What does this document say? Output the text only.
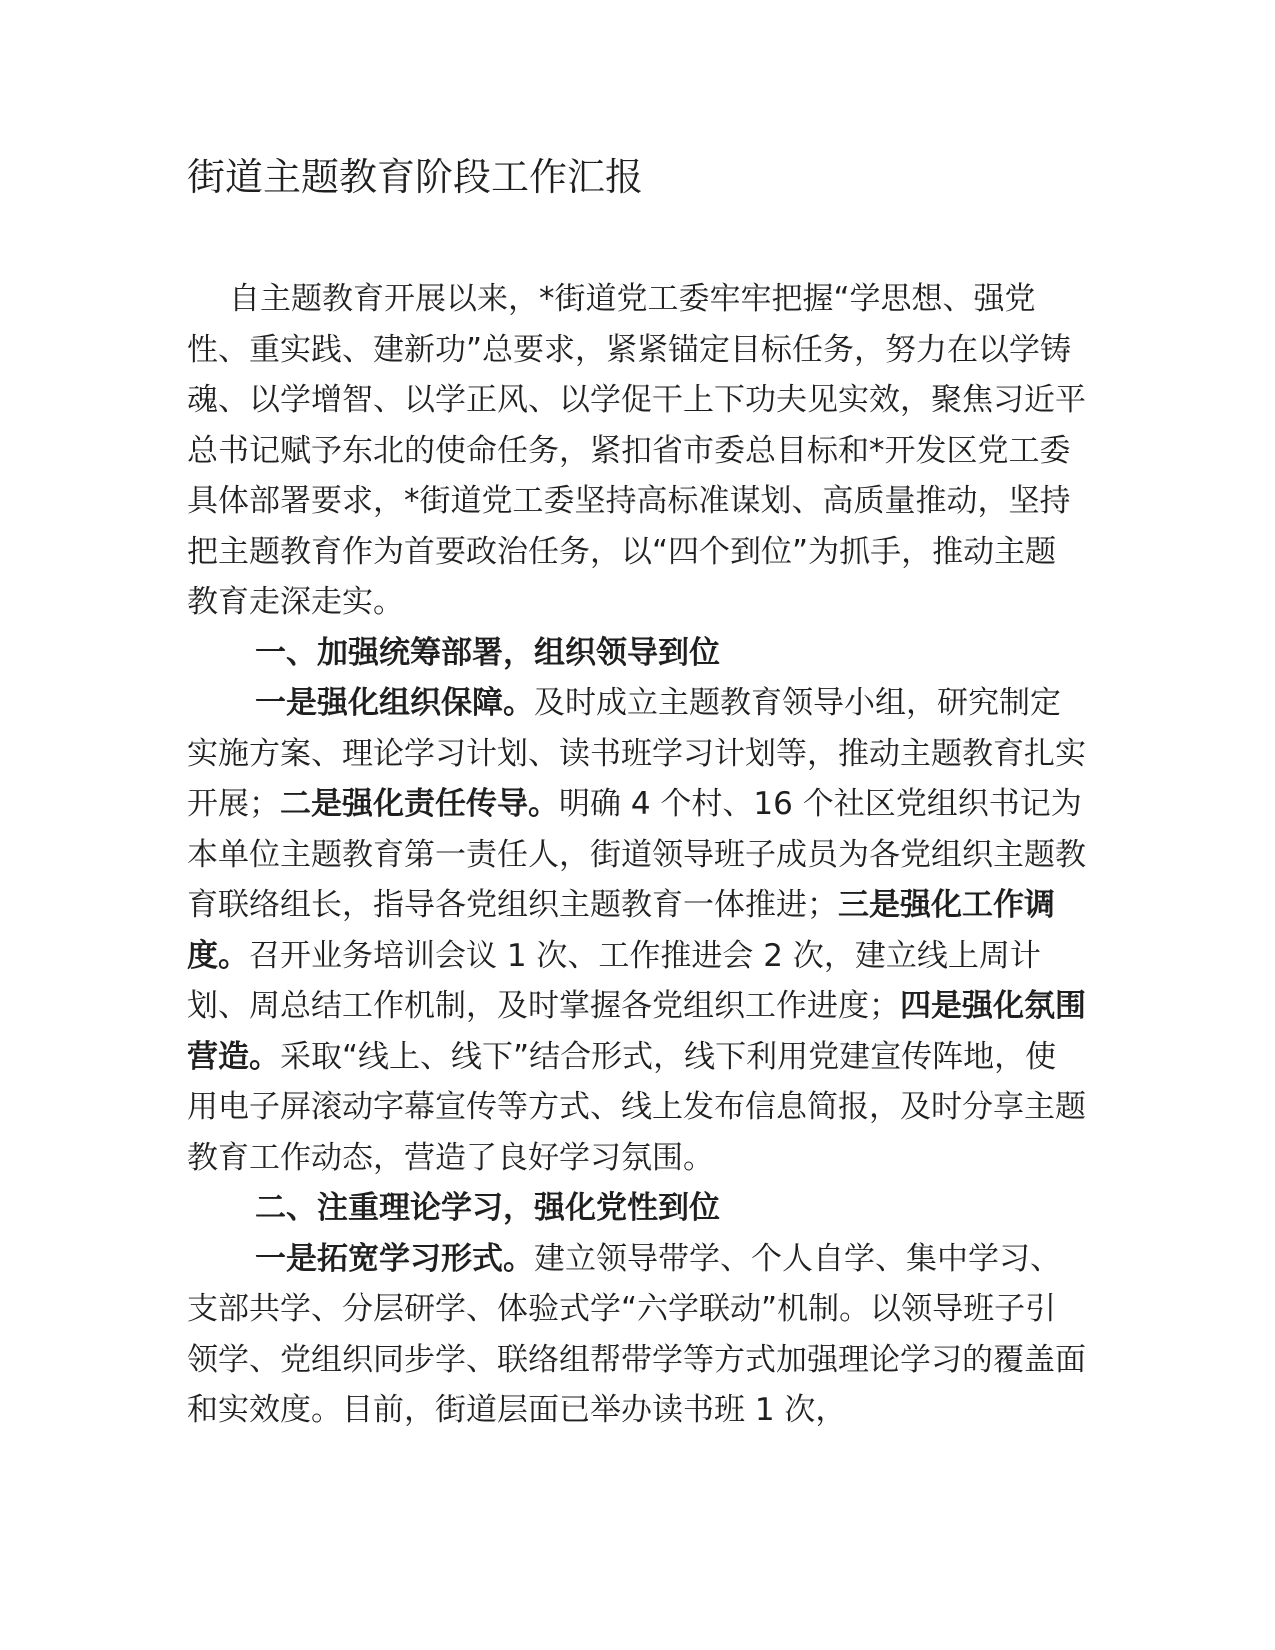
街道主题教育阶段工作汇报

自主题教育开展以来，*街道党工委牢牢把握“学思想、强党性、重实践、建新功”总要求，紧紧锚定目标任务，努力在以学铸魂、以学增智、以学正风、以学促干上下功夫见实效，聚焦习近平总书记赋予东北的使命任务，紧扣省市委总目标和*开发区党工委具体部署要求，*街道党工委坚持高标准谋划、高质量推动，坚持把主题教育作为首要政治任务，以“四个到位”为抓手，推动主题教育走深走实。

一、加强统筹部署，组织领导到位

一是强化组织保障。及时成立主题教育领导小组，研究制定实施方案、理论学习计划、读书班学习计划等，推动主题教育扎实开展；二是强化责任传导。明确 4 个村、16 个社区党组织书记为本单位主题教育第一责任人，街道领导班子成员为各党组织主题教育联络组长，指导各党组织主题教育一体推进；三是强化工作调度。召开业务培训会议 1 次、工作推进会 2 次，建立线上周计划、周总结工作机制，及时掌握各党组织工作进度；四是强化氛围营造。采取“线上、线下”结合形式，线下利用党建宣传阵地，使用电子屏滚动字幕宣传等方式、线上发布信息简报，及时分享主题教育工作动态，营造了良好学习氛围。

二、注重理论学习，强化党性到位

一是拓宽学习形式。建立领导带学、个人自学、集中学习、支部共学、分层研学、体验式学“六学联动”机制。以领导班子引领学、党组织同步学、联络组帮带学等方式加强理论学习的覆盖面和实效度。目前，街道层面已举办读书班 1 次，
